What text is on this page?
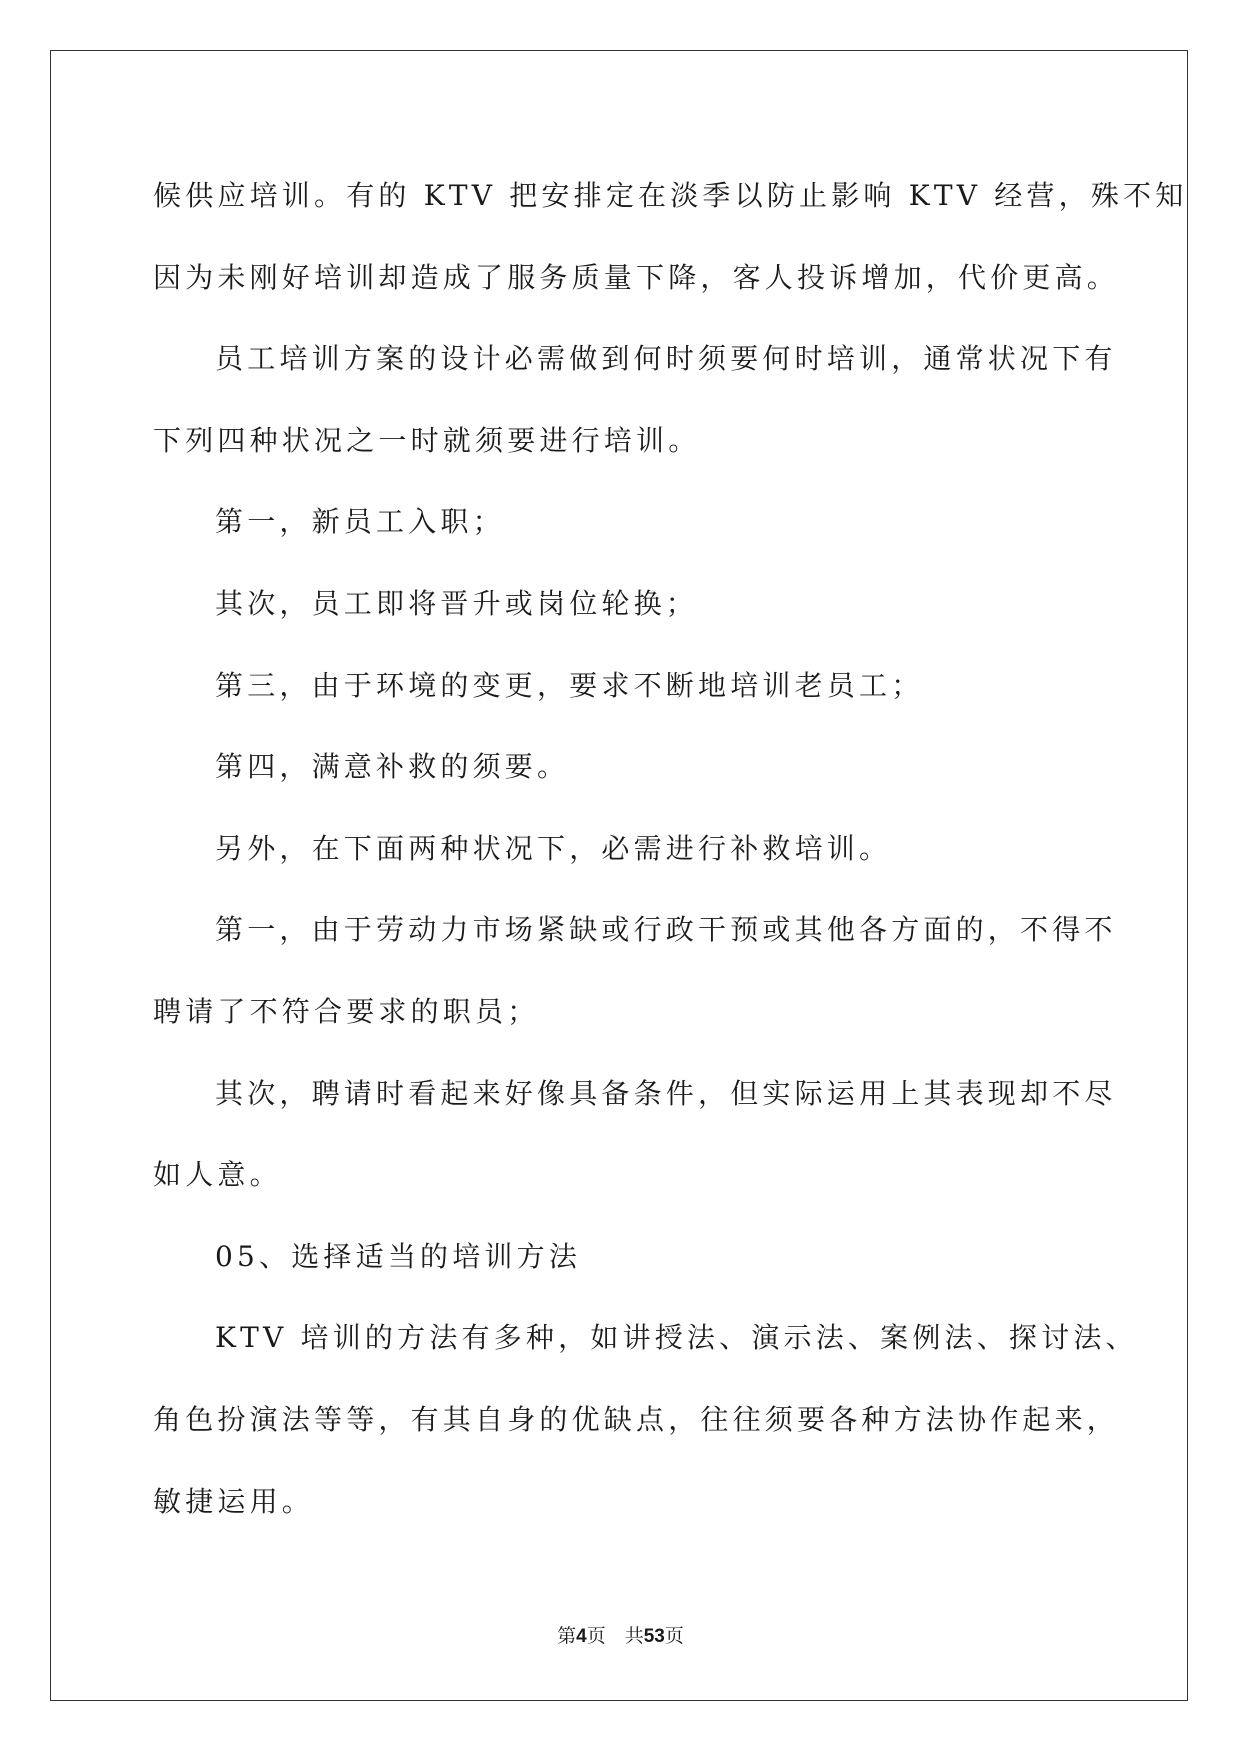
候供应培训。有的 KTV 把安排定在淡季以防止影响 KTV 经营，殊不知
因为未刚好培训却造成了服务质量下降，客人投诉增加，代价更高。
员工培训方案的设计必需做到何时须要何时培训，通常状况下有
下列四种状况之一时就须要进行培训。
第一，新员工入职；
其次，员工即将晋升或岗位轮换；
第三，由于环境的变更，要求不断地培训老员工；
第四，满意补救的须要。
另外，在下面两种状况下，必需进行补救培训。
第一，由于劳动力市场紧缺或行政干预或其他各方面的，不得不
聘请了不符合要求的职员；
其次，聘请时看起来好像具备条件，但实际运用上其表现却不尽
如人意。
05、选择适当的培训方法
KTV 培训的方法有多种，如讲授法、演示法、案例法、探讨法、
角色扮演法等等，有其自身的优缺点，往往须要各种方法协作起来，
敏捷运用。
第4页　共53页
